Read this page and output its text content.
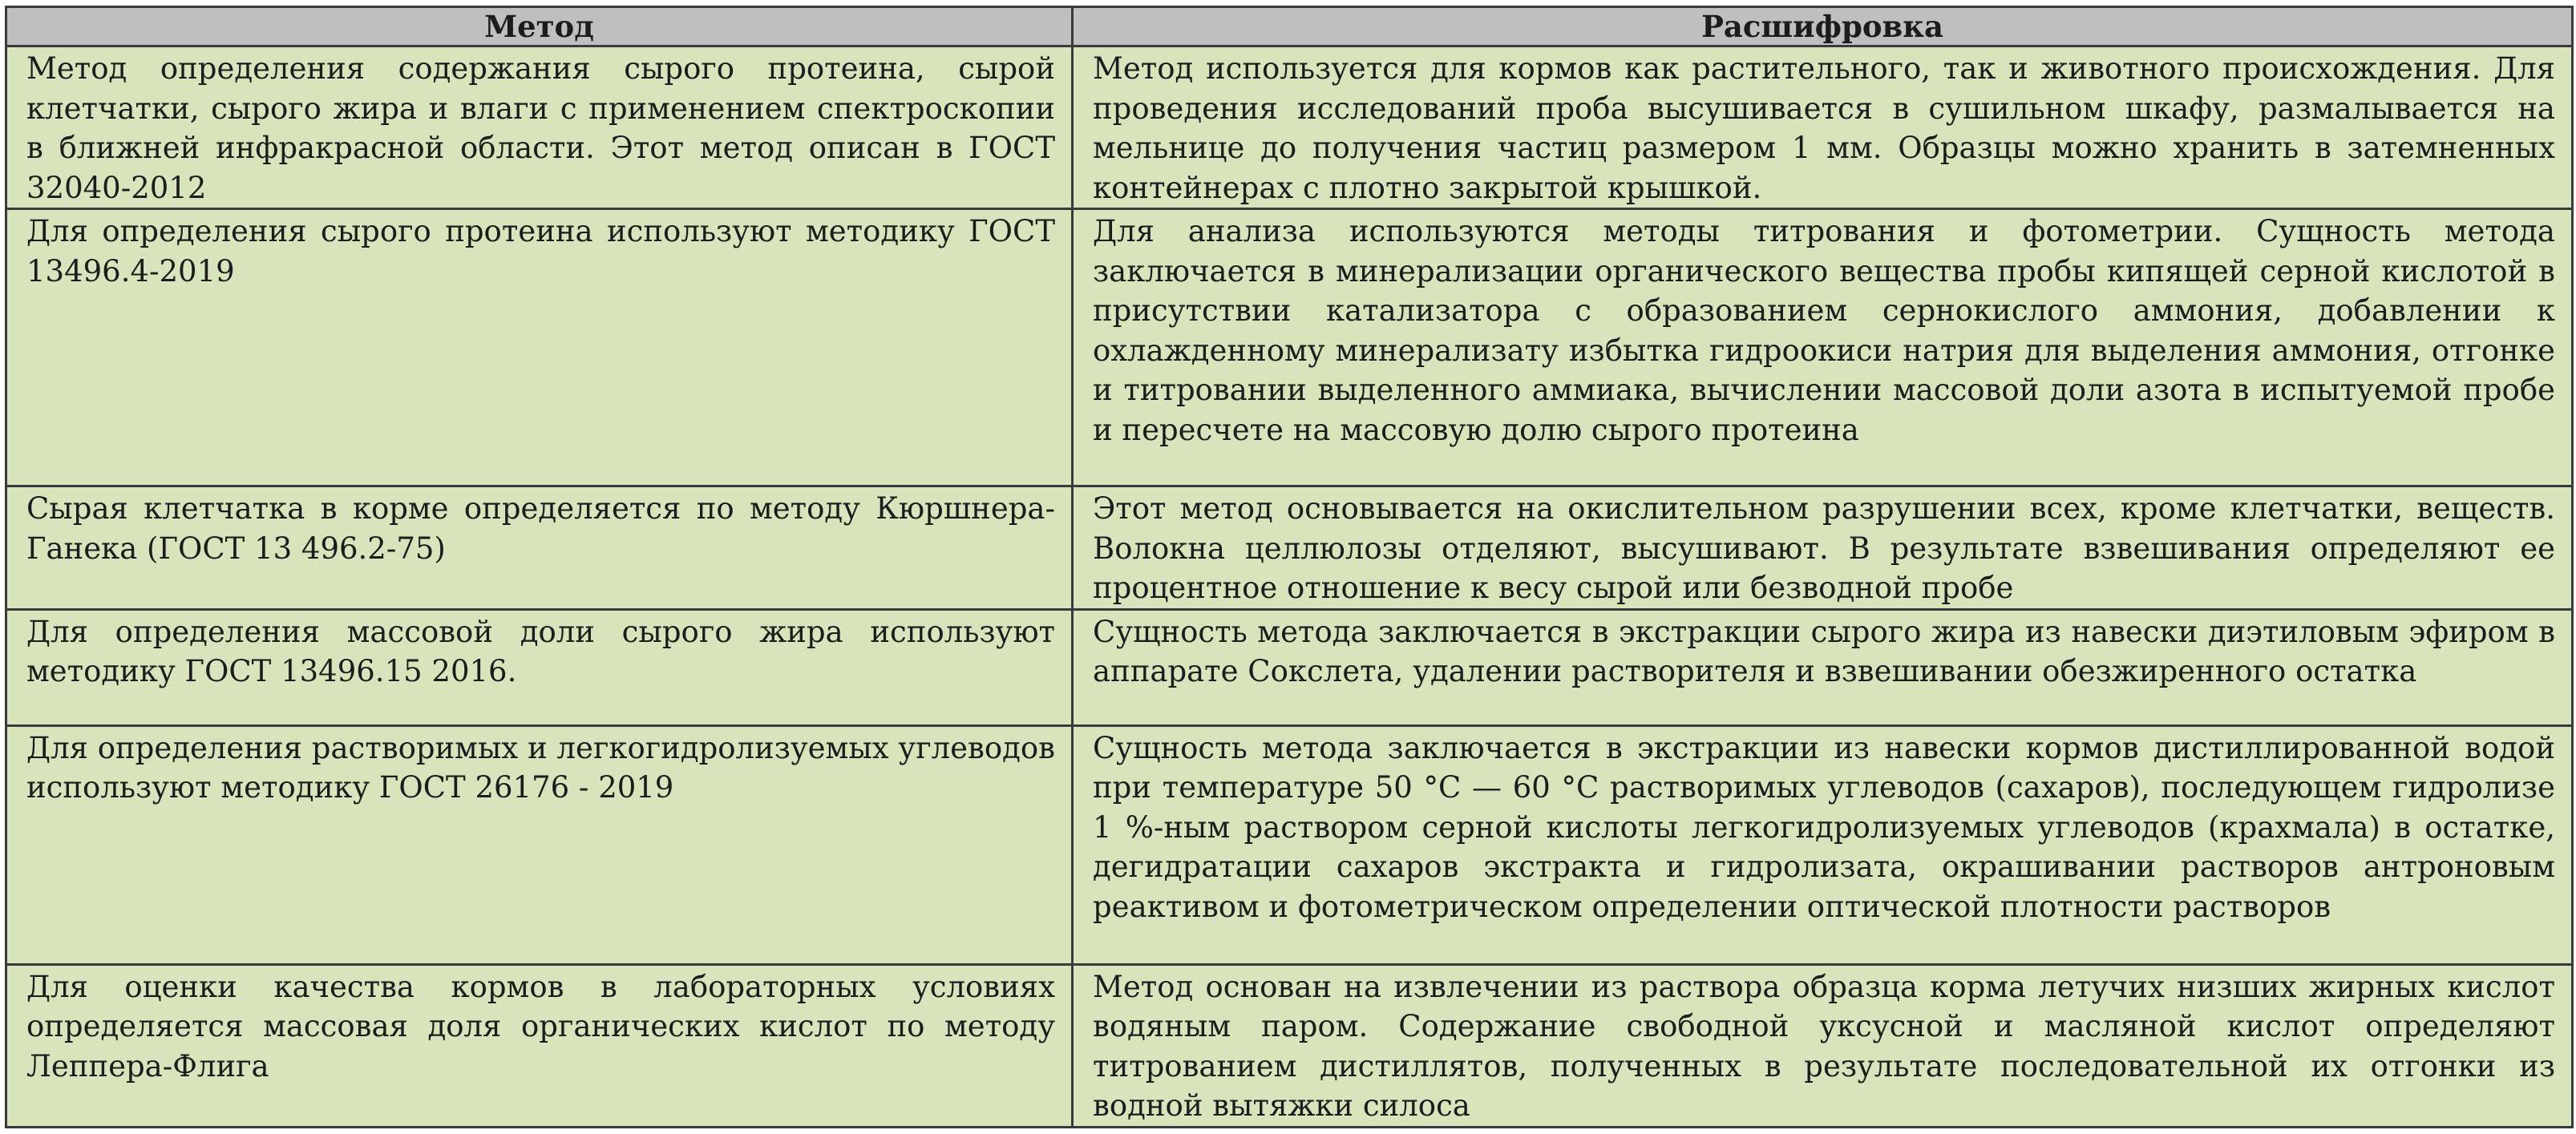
Метод	Расшифровка
Метод определения содержания сырого протеина, сырой клетчатки, сырого жира и влаги с применением спектроскопии в ближней инфракрасной области. Этот метод описан в ГОСТ 32040-2012	Метод используется для кормов как растительного, так и животного происхождения. Для проведения исследований проба высушивается в сушильном шкафу, размалывается на мельнице до получения частиц размером 1 мм. Образцы можно хранить в затемненных контейнерах с плотно закрытой крышкой.
Для определения сырого протеина используют методику ГОСТ 13496.4-2019	Для анализа используются методы титрования и фотометрии. Сущность метода заключается в минерализации органического вещества пробы кипящей серной кислотой в присутствии катализатора с образованием сернокислого аммония, добавлении к охлажденному минерализату избытка гидроокиси натрия для выделения аммония, отгонке и титровании выделенного аммиака, вычислении массовой доли азота в испытуемой пробе и пересчете на массовую долю сырого протеина
Сырая клетчатка в корме определяется по методу Кюршнера-Ганека (ГОСТ 13 496.2-75)	Этот метод основывается на окислительном разрушении всех, кроме клетчатки, веществ. Волокна целлюлозы отделяют, высушивают. В результате взвешивания определяют ее процентное отношение к весу сырой или безводной пробе
Для определения массовой доли сырого жира используют методику ГОСТ 13496.15 2016.	Сущность метода заключается в экстракции сырого жира из навески диэтиловым эфиром в аппарате Сокслета, удалении растворителя и взвешивании обезжиренного остатка
Для определения растворимых и легкогидролизуемых углеводов используют методику ГОСТ 26176 - 2019	Сущность метода заключается в экстракции из навески кормов дистиллированной водой при температуре 50 °С — 60 °С растворимых углеводов (сахаров), последующем гидролизе 1 %-ным раствором серной кислоты легкогидролизуемых углеводов (крахмала) в остатке, дегидратации сахаров экстракта и гидролизата, окрашивании растворов антроновым реактивом и фотометрическом определении оптической плотности растворов
Для оценки качества кормов в лабораторных условиях определяется массовая доля органических кислот по методу Леппера-Флига	Метод основан на извлечении из раствора образца корма летучих низших жирных кислот водяным паром. Содержание свободной уксусной и масляной кислот определяют титрованием дистиллятов, полученных в результате последовательной их отгонки из водной вытяжки силоса
